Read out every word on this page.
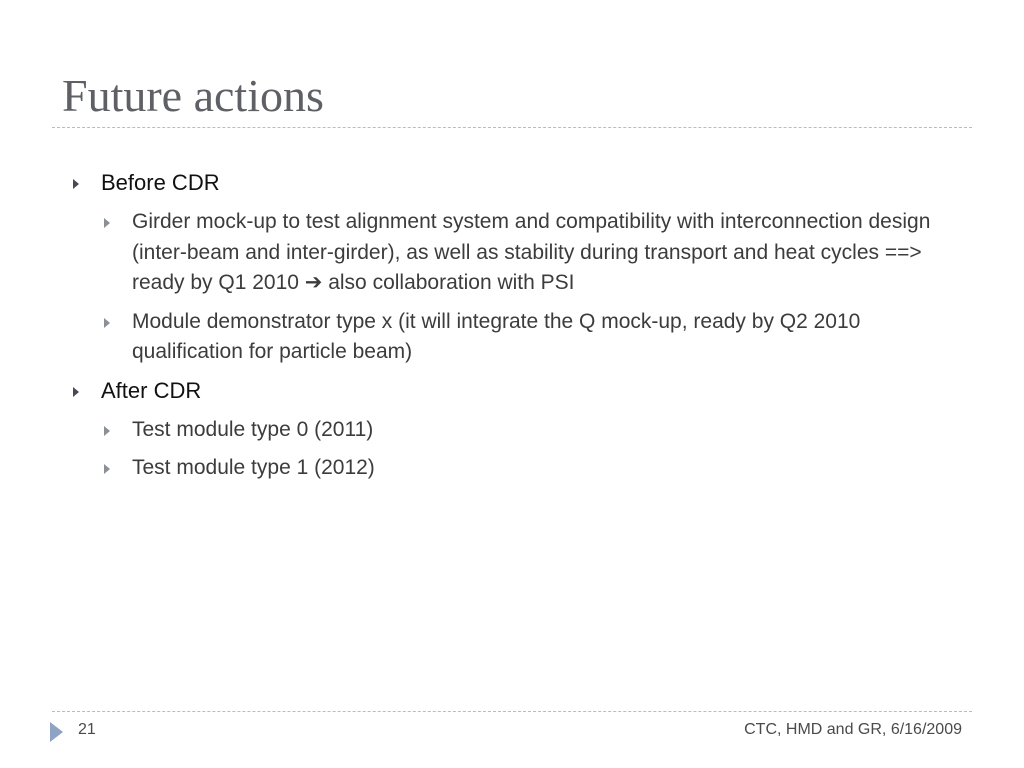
Future actions
Before CDR
Girder mock-up to test alignment system and compatibility with interconnection design (inter-beam and inter-girder), as well as stability during transport and heat cycles ==> ready by Q1 2010 ➔ also collaboration with PSI
Module demonstrator type x (it will integrate the Q mock-up, ready by Q2 2010 qualification for particle beam)
After CDR
Test module type 0 (2011)
Test module type 1 (2012)
21	CTC, HMD and GR, 6/16/2009
